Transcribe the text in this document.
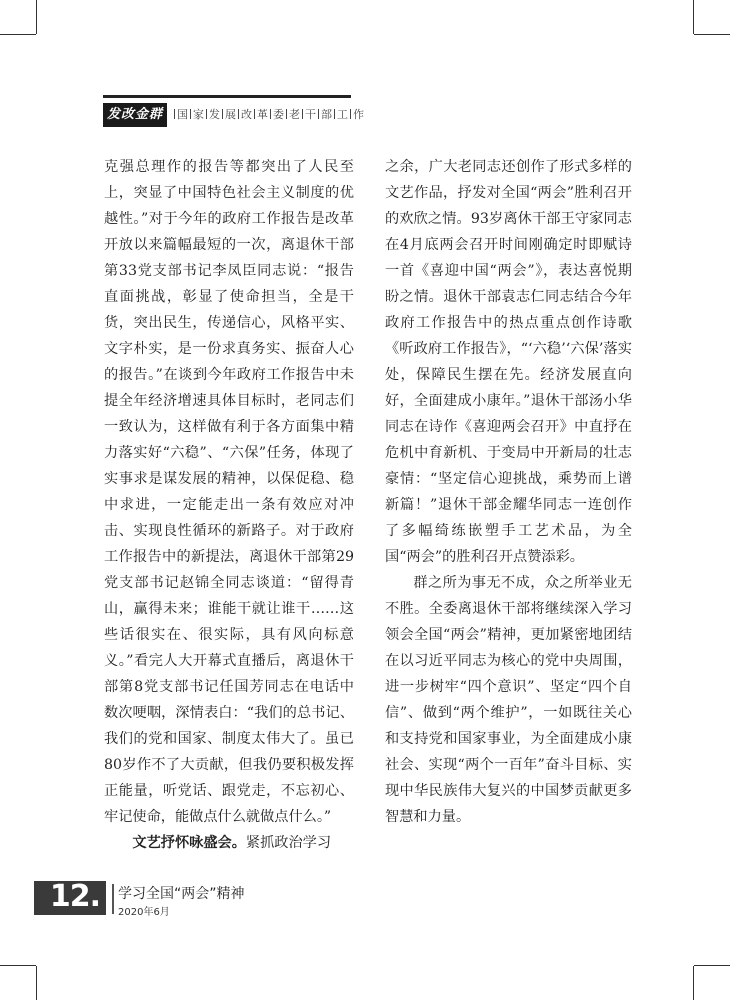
发改金群	国 家 发 展 改 革 委 老 干 部 工 作

克强总理作的报告等都突出了人民至上，突显了中国特色社会主义制度的优越性。”对于今年的政府工作报告是改革开放以来篇幅最短的一次，离退休干部第33党支部书记李凤臣同志说：“报告直面挑战，彰显了使命担当，全是干货，突出民生，传递信心，风格平实、文字朴实，是一份求真务实、振奋人心的报告。”在谈到今年政府工作报告中未提全年经济增速具体目标时，老同志们一致认为，这样做有利于各方面集中精力落实好“六稳”、“六保”任务，体现了实事求是谋发展的精神，以保促稳、稳中求进，一定能走出一条有效应对冲击、实现良性循环的新路子。对于政府工作报告中的新提法，离退休干部第29党支部书记赵锦全同志谈道：“留得青山，赢得未来；谁能干就让谁干……这些话很实在、很实际，具有风向标意义。”看完人大开幕式直播后，离退休干部第8党支部书记任国芳同志在电话中数次哽咽，深情表白：“我们的总书记、我们的党和国家、制度太伟大了。虽已80岁作不了大贡献，但我仍要积极发挥正能量，听党话、跟党走，不忘初心、牢记使命，能做点什么就做点什么。”

文艺抒怀咏盛会。紧抓政治学习

之余，广大老同志还创作了形式多样的文艺作品，抒发对全国“两会”胜利召开的欢欣之情。93岁离休干部王守家同志在4月底两会召开时间刚确定时即赋诗一首《喜迎中国“两会”》，表达喜悦期盼之情。退休干部袁志仁同志结合今年政府工作报告中的热点重点创作诗歌《听政府工作报告》，“‘六稳’‘六保’落实处，保障民生摆在先。经济发展直向好，全面建成小康年。”退休干部汤小华同志在诗作《喜迎两会召开》中直抒在危机中育新机、于变局中开新局的壮志豪情：“坚定信心迎挑战，乘势而上谱新篇！”退休干部金耀华同志一连创作了多幅绮练嵌塑手工艺术品，为全国“两会”的胜利召开点赞添彩。

群之所为事无不成，众之所举业无不胜。全委离退休干部将继续深入学习领会全国“两会”精神，更加紧密地团结在以习近平同志为核心的党中央周围，进一步树牢“四个意识”、坚定“四个自信”、做到“两个维护”，一如既往关心和支持党和国家事业，为全面建成小康社会、实现“两个一百年”奋斗目标、实现中华民族伟大复兴的中国梦贡献更多智慧和力量。

12. 学习全国“两会”精神
2020年6月
